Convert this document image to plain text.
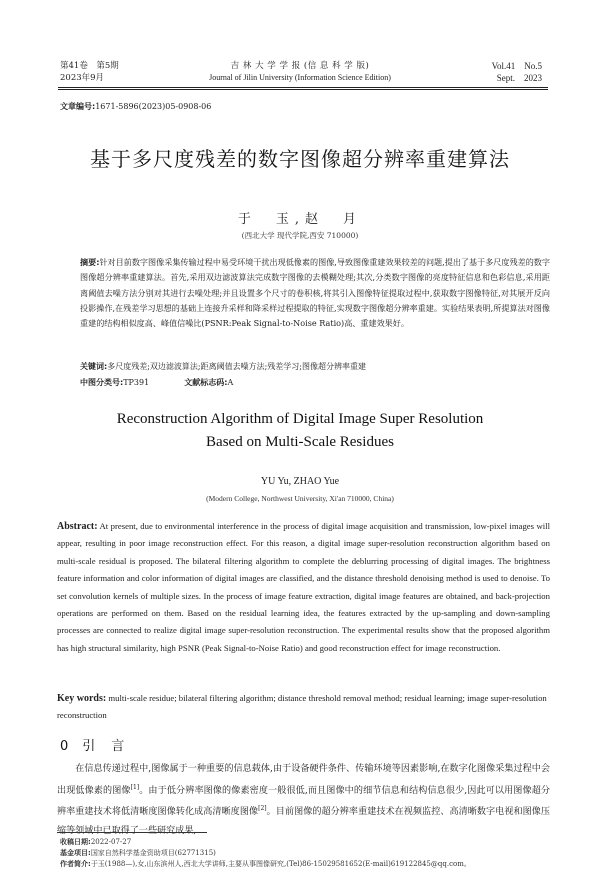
第41卷　第5期
2023年9月
吉 林 大 学 学 报 (信 息 科 学 版)
Journal of Jilin University (Information Science Edition)
Vol.41　No.5
Sept.　2023
文章编号:1671-5896(2023)05-0908-06
基于多尺度残差的数字图像超分辨率重建算法
于　玉,赵　月
(西北大学 现代学院,西安 710000)
摘要:针对目前数字图像采集传输过程中易受环境干扰出现低像素的图像,导致图像重建效果较差的问题,提出了基于多尺度残差的数字图像超分辨率重建算法。首先,采用双边滤波算法完成数字图像的去模糊处理;其次,分类数字图像的亮度特征信息和色彩信息,采用距离阈值去噪方法分别对其进行去噪处理;并且设置多个尺寸的卷积核,将其引入图像特征提取过程中,获取数字图像特征,对其展开反向投影操作,在残差学习思想的基础上连接升采样和降采样过程提取的特征,实现数字图像超分辨率重建。实验结果表明,所提算法对图像重建的结构相似度高、峰值信噪比(PSNR:Peak Signal-to-Noise Ratio)高、重建效果好。
关键词:多尺度残差;双边滤波算法;距离阈值去噪方法;残差学习;图像超分辨率重建
中图分类号:TP391	文献标志码:A
Reconstruction Algorithm of Digital Image Super Resolution
Based on Multi-Scale Residues
YU Yu, ZHAO Yue
(Modern College, Northwest University, Xi'an 710000, China)
Abstract: At present, due to environmental interference in the process of digital image acquisition and transmission, low-pixel images will appear, resulting in poor image reconstruction effect. For this reason, a digital image super-resolution reconstruction algorithm based on multi-scale residual is proposed. The bilateral filtering algorithm to complete the deblurring processing of digital images. The brightness feature information and color information of digital images are classified, and the distance threshold denoising method is used to denoise. To set convolution kernels of multiple sizes. In the process of image feature extraction, digital image features are obtained, and back-projection operations are performed on them. Based on the residual learning idea, the features extracted by the up-sampling and down-sampling processes are connected to realize digital image super-resolution reconstruction. The experimental results show that the proposed algorithm has high structural similarity, high PSNR (Peak Signal-to-Noise Ratio) and good reconstruction effect for image reconstruction.
Key words: multi-scale residue; bilateral filtering algorithm; distance threshold removal method; residual learning; image super-resolution reconstruction
0 引 言
在信息传递过程中,图像属于一种重要的信息载体,由于设备硬件条件、传输环境等因素影响,在数字化图像采集过程中会出现低像素的图像[1]。由于低分辨率图像的像素密度一般很低,而且图像中的细节信息和结构信息很少,因此可以用图像超分辨率重建技术将低清晰度图像转化成高清晰度图像[2]。目前图像的超分辨率重建技术在视频监控、高清晰数字电视和图像压缩等领域中已取得了一些研究成果,
收稿日期:2022-07-27
基金项目:国家自然科学基金资助项目(62771315)
作者简介:于玉(1988—),女,山东滨州人,西北大学讲师,主要从事图像研究,(Tel)86-15029581652(E-mail)619122845@qq.com。
